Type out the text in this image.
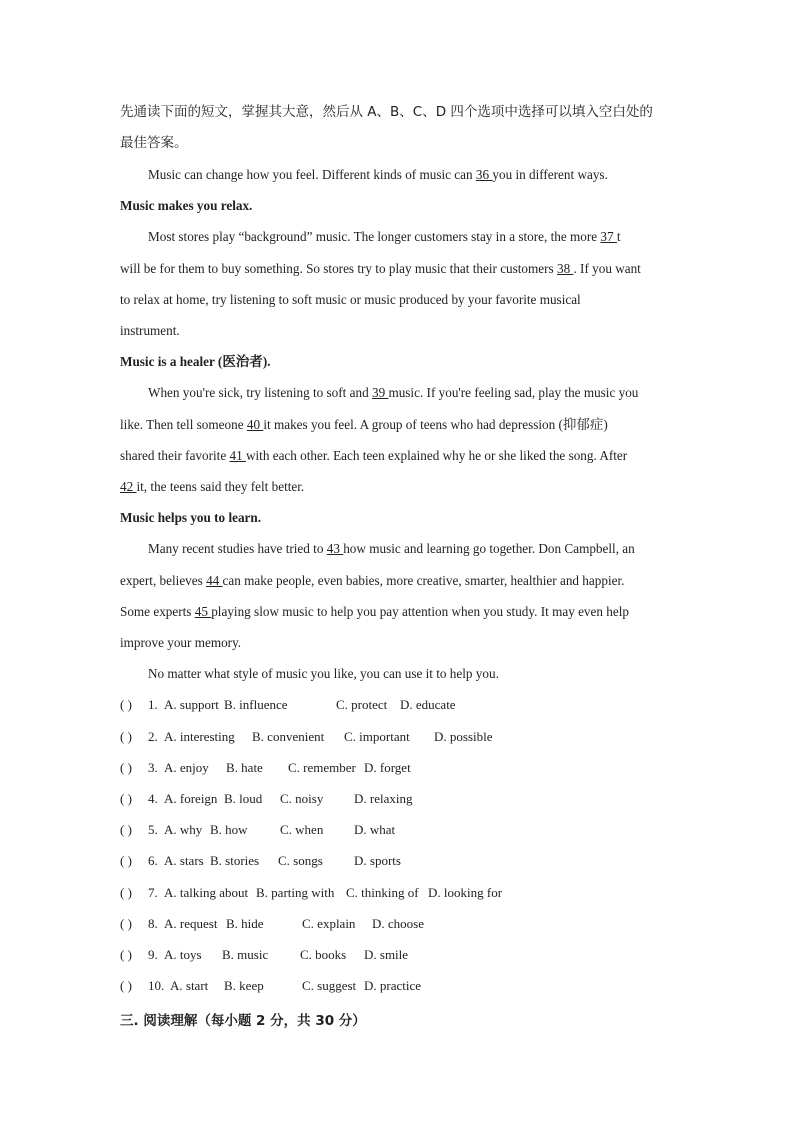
先通读下面的短文，掌握其大意，然后从 A、B、C、D 四个选项中选择可以填入空白处的
最佳答案。
Music can change how you feel. Different kinds of music can 36 you in different ways.
Music makes you relax.
Most stores play “background” music. The longer customers stay in a store, the more 37 t
will be for them to buy something. So stores try to play music that their customers 38 . If you want
to relax at home, try listening to soft music or music produced by your favorite musical
instrument.
Music is a healer (医治者).
When you're sick, try listening to soft and 39 music. If you're feeling sad, play the music you
like. Then tell someone 40 it makes you feel. A group of teens who had depression (抑郁症)
shared their favorite 41 with each other. Each teen explained why he or she liked the song. After
42 it, the teens said they felt better.
Music helps you to learn.
Many recent studies have tried to 43 how music and learning go together. Don Campbell, an
expert, believes 44 can make people, even babies, more creative, smarter, healthier and happier.
Some experts 45 playing slow music to help you pay attention when you study. It may even help
improve your memory.
No matter what style of music you like, you can use it to help you.
( ) 1. A. support B. influence	C. protect D. educate
( ) 2. A. interesting B. convenient C. important D. possible
( ) 3. A. enjoy B. hate C. remember D. forget
( ) 4. A. foreign B. loud C. noisy D. relaxing
( ) 5. A. why B. how C. when D. what
( ) 6. A. stars B. stories C. songs D. sports
( ) 7. A. talking about B. parting with C. thinking of D. looking for
( ) 8. A. request B. hide	C. explain D. choose
( ) 9. A. toys B. music C. books D. smile
( ) 10. A. start B. keep	C. suggest D. practice
三. 阅读理解（每小题 2 分，共 30 分）
